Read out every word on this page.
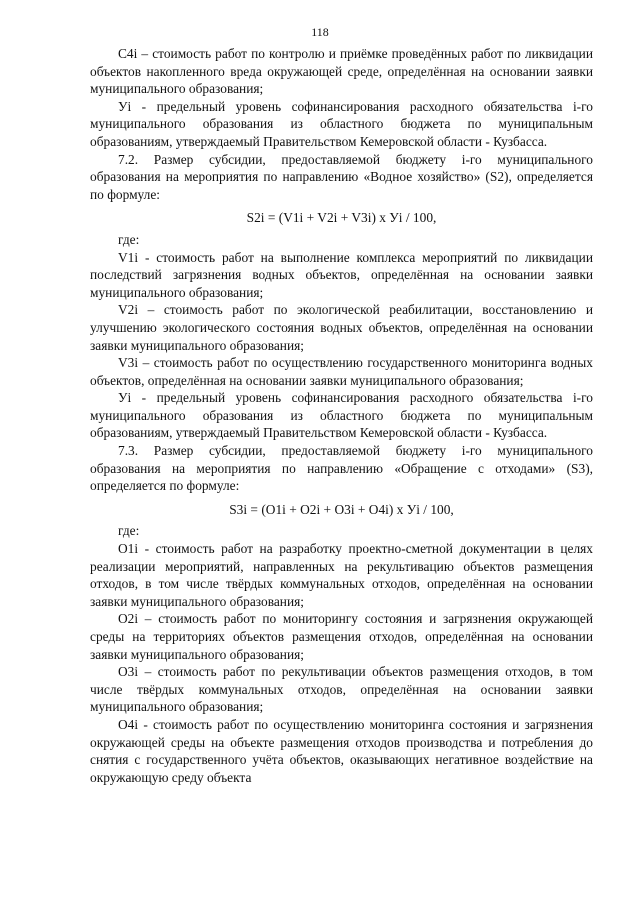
118

С4i – стоимость работ по контролю и приёмке проведённых работ по ликвидации объектов накопленного вреда окружающей среде, определённая на основании заявки муниципального образования;

Уi - предельный уровень софинансирования расходного обязательства i-го муниципального образования из областного бюджета по муниципальным образованиям, утверждаемый Правительством Кемеровской области - Кузбасса.

7.2. Размер субсидии, предоставляемой бюджету i-го муниципального образования на мероприятия по направлению «Водное хозяйство» (S2), определяется по формуле:

S2i = (V1i + V2i + V3i) x Уi / 100,

где:

V1i - стоимость работ на выполнение комплекса мероприятий по ликвидации последствий загрязнения водных объектов, определённая на основании заявки муниципального образования;

V2i – стоимость работ по экологической реабилитации, восстановлению и улучшению экологического состояния водных объектов, определённая на основании заявки муниципального образования;

V3i – стоимость работ по осуществлению государственного мониторинга водных объектов, определённая на основании заявки муниципального образования;

Уi - предельный уровень софинансирования расходного обязательства i-го муниципального образования из областного бюджета по муниципальным образованиям, утверждаемый Правительством Кемеровской области - Кузбасса.

7.3. Размер субсидии, предоставляемой бюджету i-го муниципального образования на мероприятия по направлению «Обращение с отходами» (S3), определяется по формуле:

S3i = (O1i + O2i + O3i + O4i) x Уi / 100,

где:

O1i - стоимость работ на разработку проектно-сметной документации в целях реализации мероприятий, направленных на рекультивацию объектов размещения отходов, в том числе твёрдых коммунальных отходов, определённая на основании заявки муниципального образования;

O2i – стоимость работ по мониторингу состояния и загрязнения окружающей среды на территориях объектов размещения отходов, определённая на основании заявки муниципального образования;

O3i – стоимость работ по рекультивации объектов размещения отходов, в том числе твёрдых коммунальных отходов, определённая на основании заявки муниципального образования;

O4i - стоимость работ по осуществлению мониторинга состояния и загрязнения окружающей среды на объекте размещения отходов производства и потребления до снятия с государственного учёта объектов, оказывающих негативное воздействие на окружающую среду объекта
